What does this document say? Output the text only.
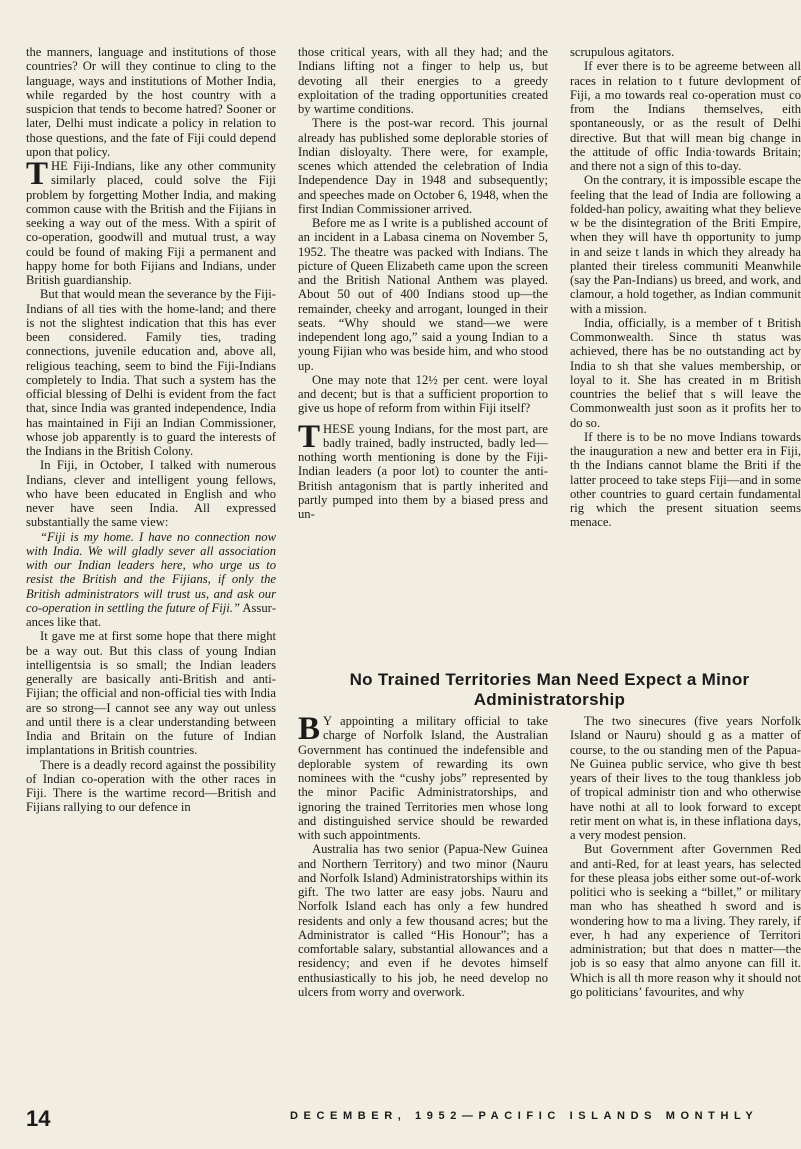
the manners, language and institutions of those countries? Or will they continue to cling to the language, ways and institutions of Mother India, while regarded by the host country with a suspicion that tends to become hatred? Sooner or later, Delhi must indicate a policy in relation to those questions, and the fate of Fiji could depend upon that policy.

THE Fiji-Indians, like any other community similarly placed, could solve the Fiji problem by forgetting Mother India, and making common cause with the British and the Fijians in seeking a way out of the mess. With a spirit of co-operation, goodwill and mutual trust, a way could be found of making Fiji a permanent and happy home for both Fijians and Indians, under British guardianship.

But that would mean the severance by the Fiji-Indians of all ties with the home-land; and there is not the slightest indication that this has ever been considered. Family ties, trading connections, juvenile education and, above all, religious teaching, seem to bind the Fiji-Indians completely to India. That such a system has the official blessing of Delhi is evident from the fact that, since India was granted independence, India has maintained in Fiji an Indian Commissioner, whose job apparently is to guard the interests of the Indians in the British Colony.

In Fiji, in October, I talked with numerous Indians, clever and intelligent young fellows, who have been educated in English and who never have seen India. All expressed substantially the same view:

“Fiji is my home. I have no connection now with India. We will gladly sever all association with our Indian leaders here, who urge us to resist the British and the Fijians, if only the British administrators will trust us, and ask our co-operation in settling the future of Fiji.” Assurances like that.

It gave me at first some hope that there might be a way out. But this class of young Indian intelligentsia is so small; the Indian leaders generally are basically anti-British and anti-Fijian; the official and non-official ties with India are so strong—I cannot see any way out unless and until there is a clear understanding between India and Britain on the future of Indian implantations in British countries.

There is a deadly record against the possibility of Indian co-operation with the other races in Fiji. There is the wartime record—British and Fijians rallying to our defence in

those critical years, with all they had; and the Indians lifting not a finger to help us, but devoting all their energies to a greedy exploitation of the trading opportunities created by wartime conditions.

There is the post-war record. This journal already has published some deplorable stories of Indian disloyalty. There were, for example, scenes which attended the celebration of India Independence Day in 1948 and subsequently; and speeches made on October 6, 1948, when the first Indian Commissioner arrived.

Before me as I write is a published account of an incident in a Labasa cinema on November 5, 1952. The theatre was packed with Indians. The picture of Queen Elizabeth came upon the screen and the British National Anthem was played. About 50 out of 400 Indians stood up—the remainder, cheeky and arrogant, lounged in their seats. “Why should we stand—we were independent long ago,” said a young Indian to a young Fijian who was beside him, and who stood up.

One may note that 12½ per cent. were loyal and decent; but is that a sufficient proportion to give us hope of reform from within Fiji itself?

THESE young Indians, for the most part, are badly trained, badly instructed, badly led—nothing worth mentioning is done by the Fiji-Indian leaders (a poor lot) to counter the anti-British antagonism that is partly inherited and partly pumped into them by a biased press and un-

scrupulous agitators.

If ever there is to be agreeme between all races in relation to t future devlopment of Fiji, a mo towards real co-operation must co from the Indians themselves, eith spontaneously, or as the result of Delhi directive. But that will mean big change in the attitude of offic India·towards Britain; and there not a sign of this to-day.

On the contrary, it is impossible escape the feeling that the lead of India are following a folded-han policy, awaiting what they believe w be the disintegration of the Briti Empire, when they will have th opportunity to jump in and seize t lands in which they already ha planted their tireless communiti Meanwhile (say the Pan-Indians) us breed, and work, and clamour, a hold together, as Indian communit with a mission.

India, officially, is a member of t British Commonwealth. Since th status was achieved, there has be no outstanding act by India to sh that she values membership, or loyal to it. She has created in m British countries the belief that s will leave the Commonwealth just soon as it profits her to do so.

If there is to be no move Indians towards the inauguration a new and better era in Fiji, th the Indians cannot blame the Briti if the latter proceed to take steps Fiji—and in some other countries to guard certain fundamental rig which the present situation seems menace.

No Trained Territories Man Need Expect a Minor Administratorship

B Y appointing a military official to take charge of Norfolk Island, the Australian Government has continued the indefensible and deplorable system of rewarding its own nominees with the “cushy jobs” represented by the minor Pacific Administratorships, and ignoring the trained Territories men whose long and distinguished service should be rewarded with such appointments.

Australia has two senior (Papua-New Guinea and Northern Territory) and two minor (Nauru and Norfolk Island) Administratorships within its gift. The two latter are easy jobs. Nauru and Norfolk Island each has only a few hundred residents and only a few thousand acres; but the Administrator is called “His Honour”; has a comfortable salary, substantial allowances and a residency; and even if he devotes himself enthusiastically to his job, he need develop no ulcers from worry and overwork.

The two sinecures (five years Norfolk Island or Nauru) should g as a matter of course, to the ou standing men of the Papua-Ne Guinea public service, who give th best years of their lives to the toug thankless job of tropical administr tion and who otherwise have nothi at all to look forward to except retir ment on what is, in these inflationa days, a very modest pension.

But Government after Governmen Red and anti-Red, for at least years, has selected for these pleasa jobs either some out-of-work politici who is seeking a “billet,” or military man who has sheathed h sword and is wondering how to ma a living. They rarely, if ever, h had any experience of Territori administration; but that does n matter—the job is so easy that almo anyone can fill it. Which is all th more reason why it should not go politicians’ favourites, and why

14	DECEMBER, 1952—PACIFIC ISLANDS MONTHLY
